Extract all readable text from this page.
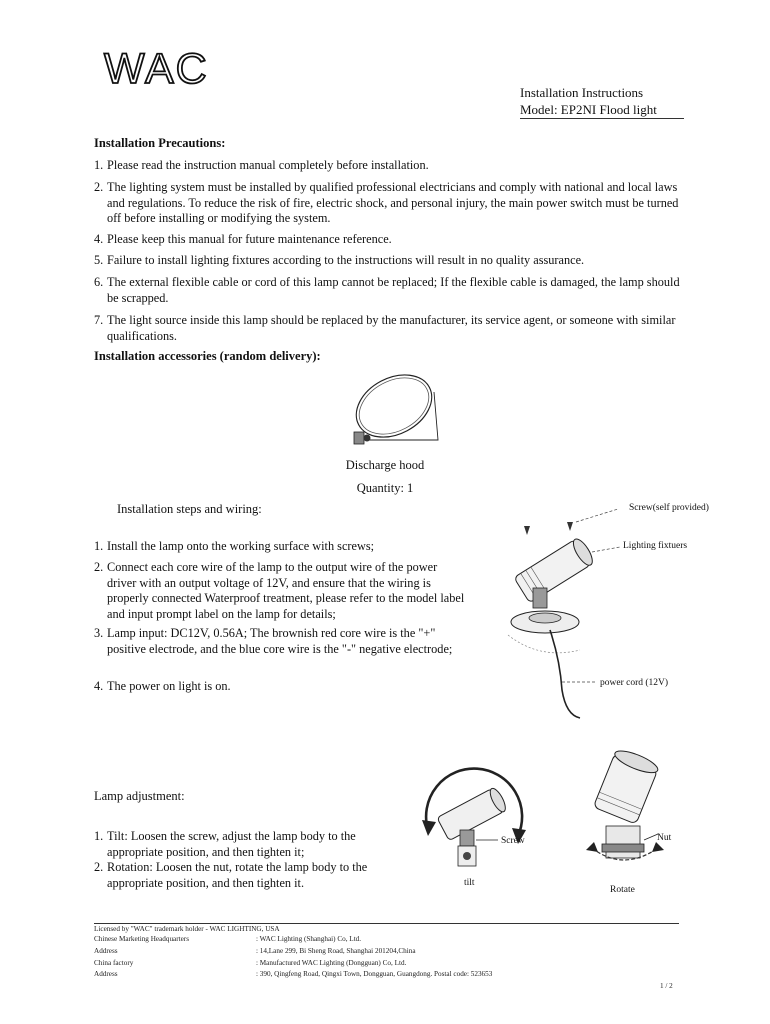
WAC	Installation Instructions
Model: EP2NI Flood light
Installation Precautions:
1. Please read the instruction manual completely before installation.
2. The lighting system must be installed by qualified professional electricians and comply with national and local laws and regulations. To reduce the risk of fire, electric shock, and personal injury, the main power switch must be turned off before installing or modifying the system.
4. Please keep this manual for future maintenance reference.
5. Failure to install lighting fixtures according to the instructions will result in no quality assurance.
6. The external flexible cable or cord of this lamp cannot be replaced; If the flexible cable is damaged, the lamp should be scrapped.
7. The light source inside this lamp should be replaced by the manufacturer, its service agent, or someone with similar qualifications.
Installation accessories (random delivery):
Discharge hood
Quantity: 1
Installation steps and wiring:
1. Install the lamp onto the working surface with screws;
2. Connect each core wire of the lamp to the output wire of the power driver with an output voltage of 12V, and ensure that the wiring is properly connected Waterproof treatment, please refer to the model label and input prompt label on the lamp for details;
3. Lamp input: DC12V, 0.56A; The brownish red core wire is the "+" positive electrode, and the blue core wire is the "-" negative electrode;
4. The power on light is on.
Screw(self provided)
Lighting fixtuers
power cord (12V)
Lamp adjustment:
1. Tilt: Loosen the screw, adjust the lamp body to the appropriate position, and then tighten it;
2. Rotation: Loosen the nut, rotate the lamp body to the appropriate position, and then tighten it.
Screw
tilt
Nut
Rotate
Licensed by "WAC" trademark holder - WAC LIGHTING, USA
Chinese Marketing Headquarters	: WAC Lighting (Shanghai) Co, Ltd.
Address	: 14,Lane 299, Bi Sheng Road, Shanghai 201204,China
China factory	: Manufactured WAC Lighting (Dongguan) Co, Ltd.
Address	: 390, Qingfeng Road, Qingxi Town, Dongguan, Guangdong. Postal code: 523653
1 / 2
